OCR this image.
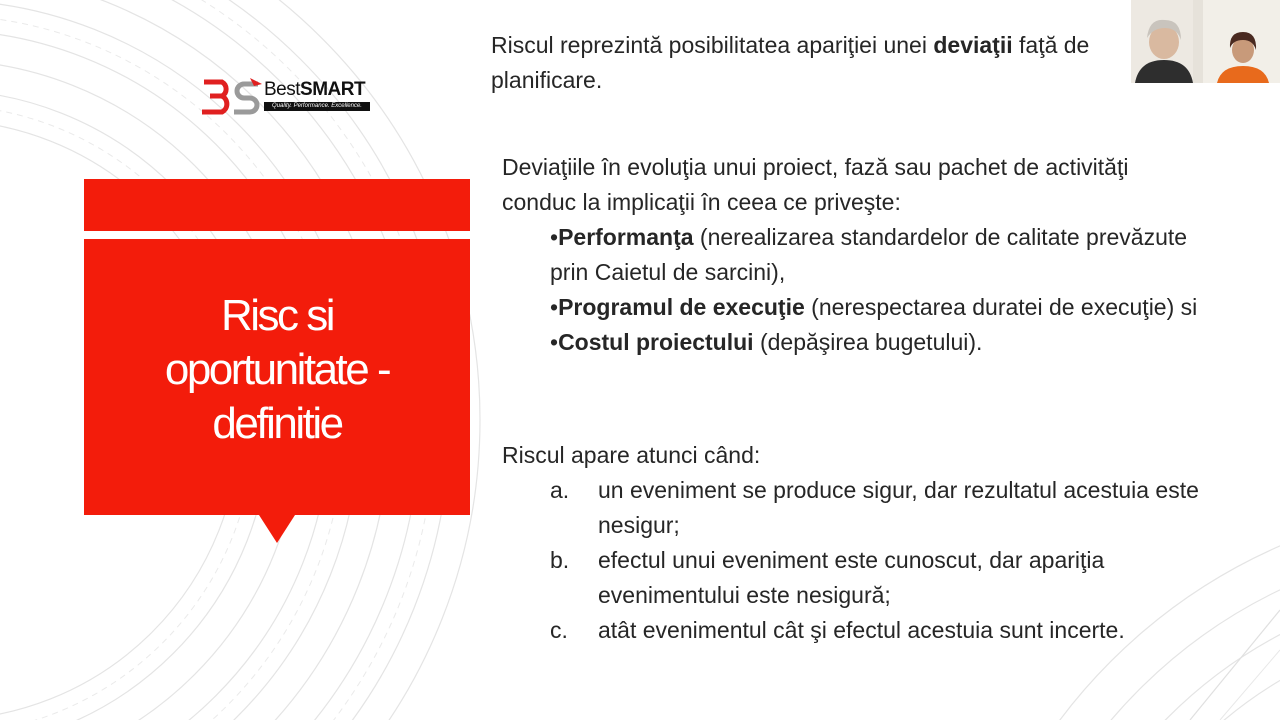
BestSMART
Quality. Performance. Excellence.
Risc si
oportunitate -
definitie
Riscul reprezintă posibilitatea apariţiei unei deviaţii faţă de
planificare.

Deviaţiile în evoluţia unui proiect, fază sau pachet de activităţi conduc la implicaţii în ceea ce priveşte:

•Performanţa (nerealizarea standardelor de calitate prevăzute prin Caietul de sarcini),
•Programul de execuţie (nerespectarea duratei de execuţie) si
•Costul proiectului (depăşirea bugetului).

Riscul apare atunci când:

a. un eveniment se produce sigur, dar rezultatul acestuia este nesigur;
b. efectul unui eveniment este cunoscut, dar apariţia evenimentului este nesigură;
c. atât evenimentul cât şi efectul acestuia sunt incerte.
